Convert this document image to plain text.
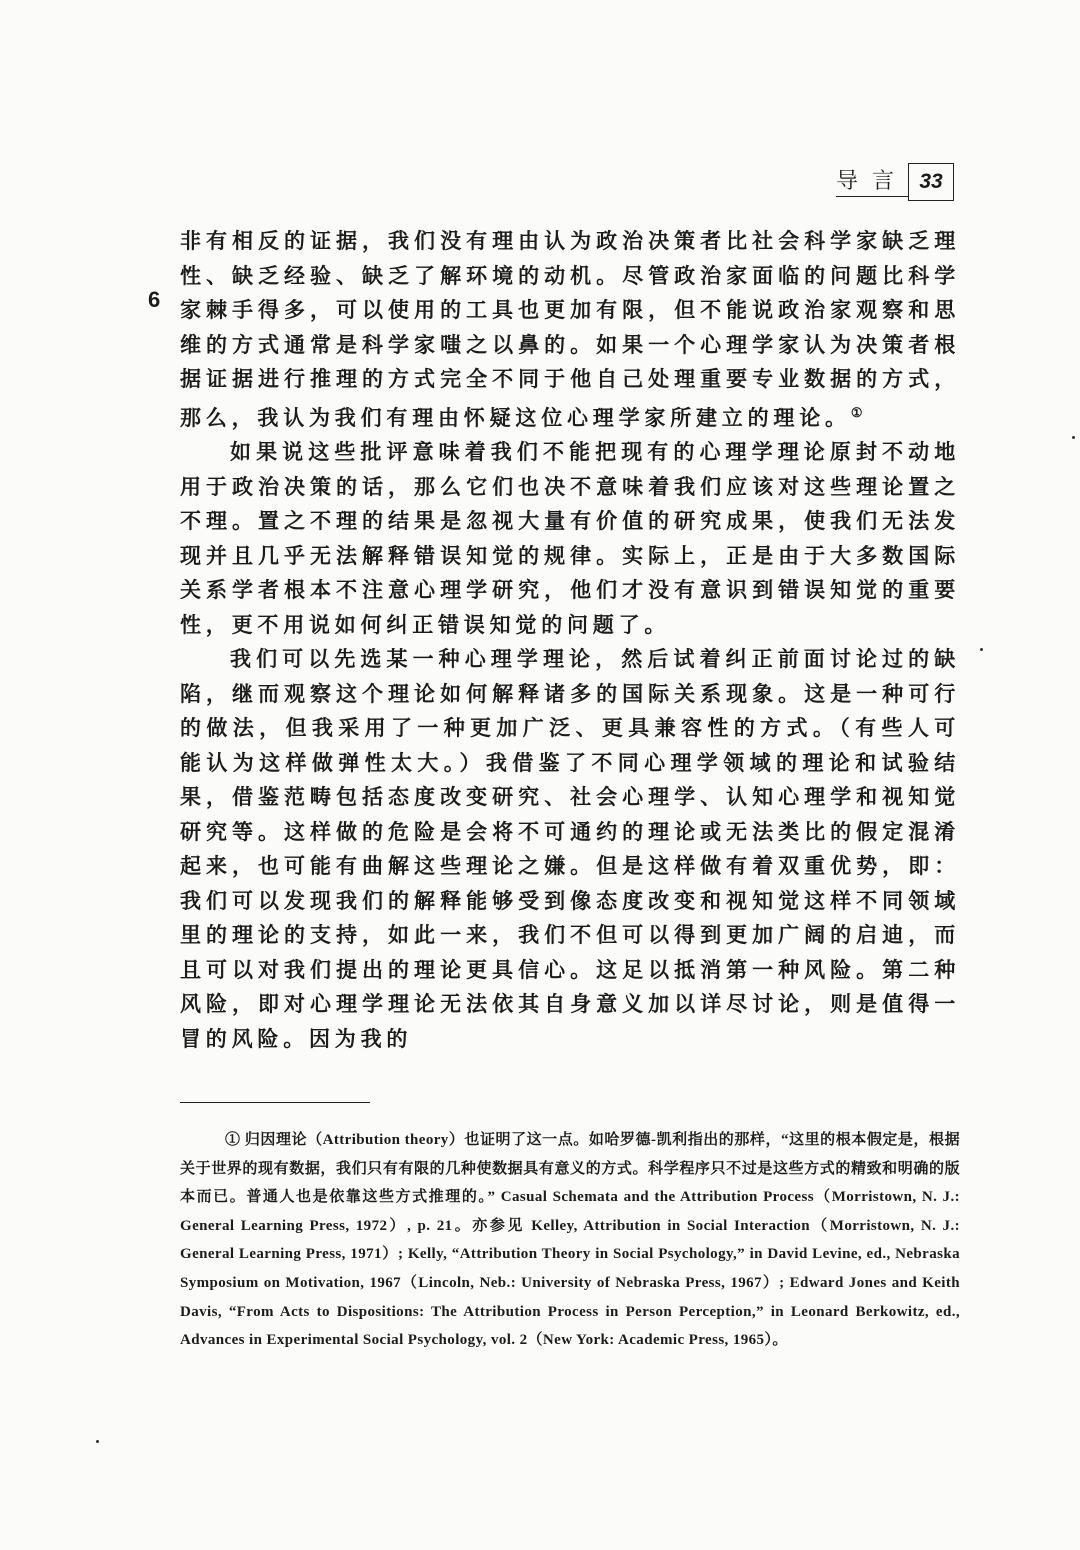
导言 33
6

非有相反的证据，我们没有理由认为政治决策者比社会科学家缺乏理性、缺乏经验、缺乏了解环境的动机。尽管政治家面临的问题比科学家棘手得多，可以使用的工具也更加有限，但不能说政治家观察和思维的方式通常是科学家嗤之以鼻的。如果一个心理学家认为决策者根据证据进行推理的方式完全不同于他自己处理重要专业数据的方式，那么，我认为我们有理由怀疑这位心理学家所建立的理论。①

如果说这些批评意味着我们不能把现有的心理学理论原封不动地用于政治决策的话，那么它们也决不意味着我们应该对这些理论置之不理。置之不理的结果是忽视大量有价值的研究成果，使我们无法发现并且几乎无法解释错误知觉的规律。实际上，正是由于大多数国际关系学者根本不注意心理学研究，他们才没有意识到错误知觉的重要性，更不用说如何纠正错误知觉的问题了。

我们可以先选某一种心理学理论，然后试着纠正前面讨论过的缺陷，继而观察这个理论如何解释诸多的国际关系现象。这是一种可行的做法，但我采用了一种更加广泛、更具兼容性的方式。（有些人可能认为这样做弹性太大。）我借鉴了不同心理学领域的理论和试验结果，借鉴范畴包括态度改变研究、社会心理学、认知心理学和视知觉研究等。这样做的危险是会将不可通约的理论或无法类比的假定混淆起来，也可能有曲解这些理论之嫌。但是这样做有着双重优势，即：我们可以发现我们的解释能够受到像态度改变和视知觉这样不同领域里的理论的支持，如此一来，我们不但可以得到更加广阔的启迪，而且可以对我们提出的理论更具信心。这足以抵消第一种风险。第二种风险，即对心理学理论无法依其自身意义加以详尽讨论，则是值得一冒的风险。因为我的

① 归因理论（Attribution theory）也证明了这一点。如哈罗德-凯利指出的那样，“这里的根本假定是，根据关于世界的现有数据，我们只有有限的几种使数据具有意义的方式。科学程序只不过是这些方式的精致和明确的版本而已。普通人也是依靠这些方式推理的。” Casual Schemata and the Attribution Process（Morristown, N. J.: General Learning Press, 1972）, p. 21。亦参见 Kelley, Attribution in Social Interaction（Morristown, N. J.: General Learning Press, 1971）; Kelly, “Attribution Theory in Social Psychology,” in David Levine, ed., Nebraska Symposium on Motivation, 1967（Lincoln, Neb.: University of Nebraska Press, 1967）; Edward Jones and Keith Davis, “From Acts to Dispositions: The Attribution Process in Person Perception,” in Leonard Berkowitz, ed., Advances in Experimental Social Psychology, vol. 2（New York: Academic Press, 1965）。
